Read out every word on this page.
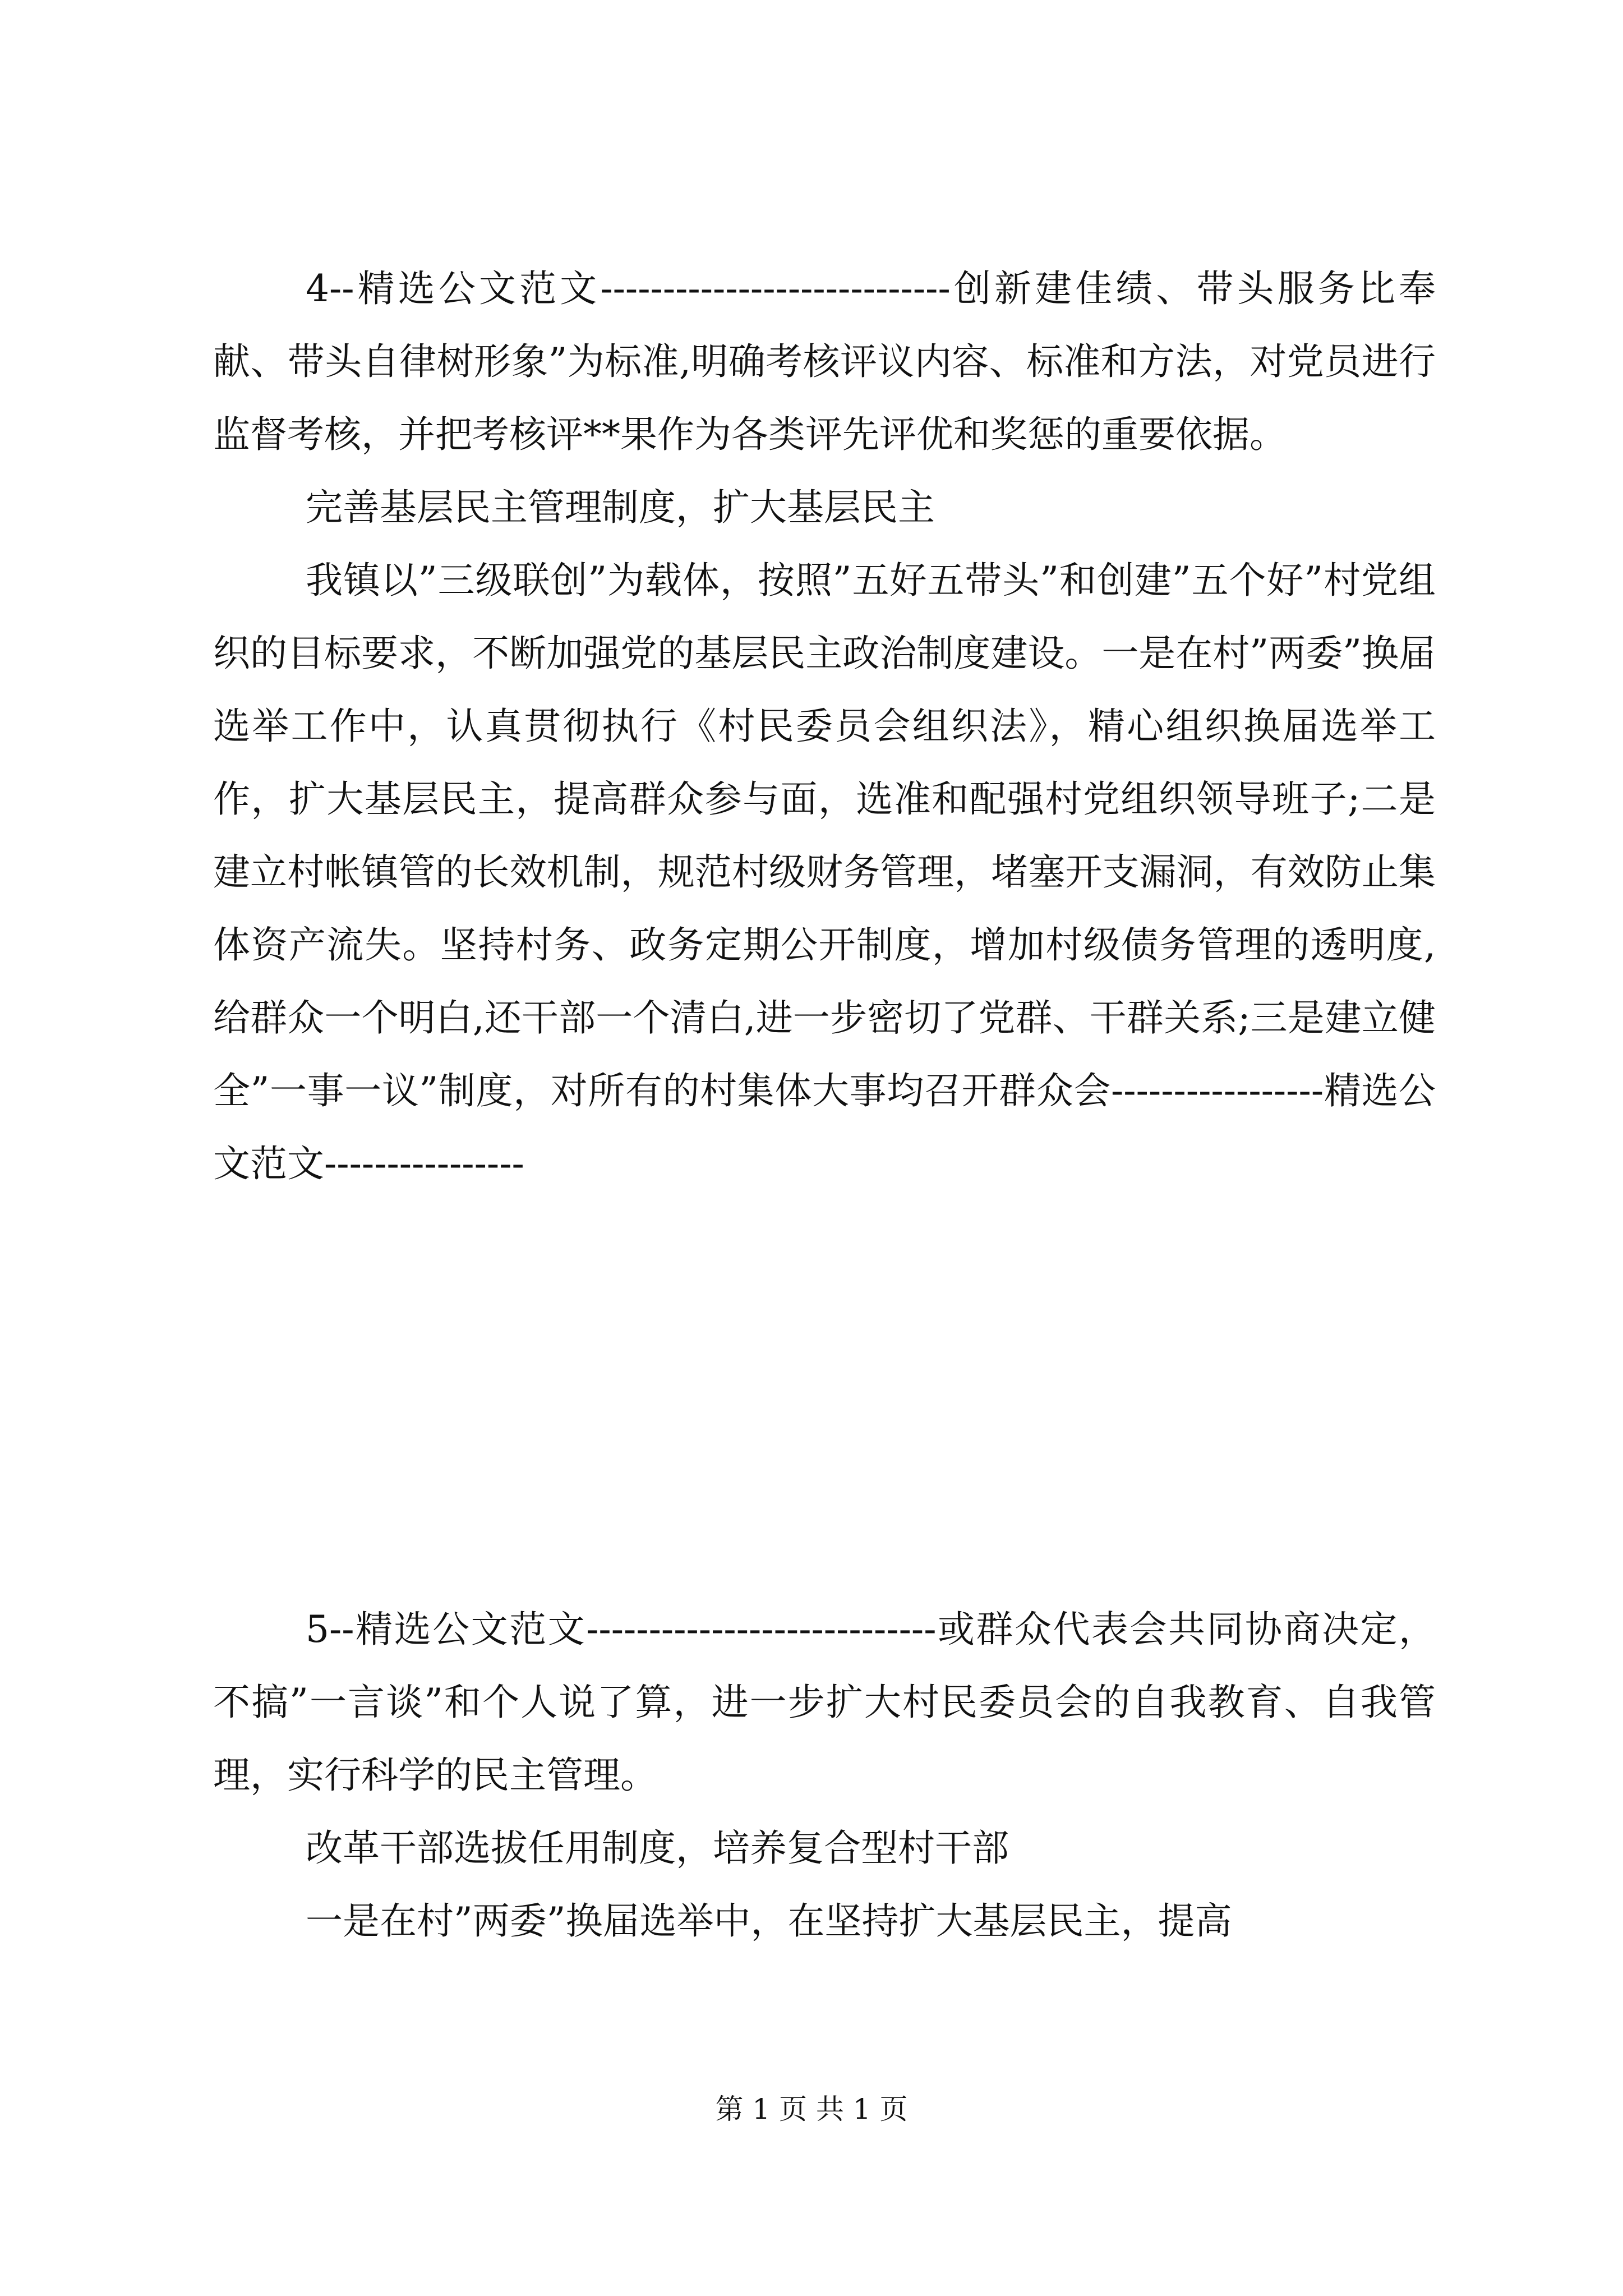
4--精选公文范文----------------------------创新建佳绩、带头服务比奉献、带头自律树形象”为标准,明确考核评议内容、标准和方法，对党员进行监督考核，并把考核评**果作为各类评先评优和奖惩的重要依据。

完善基层民主管理制度，扩大基层民主

我镇以”三级联创”为载体，按照”五好五带头”和创建”五个好”村党组织的目标要求，不断加强党的基层民主政治制度建设。一是在村”两委”换届选举工作中，认真贯彻执行《村民委员会组织法》，精心组织换届选举工作，扩大基层民主，提高群众参与面，选准和配强村党组织领导班子;二是建立村帐镇管的长效机制，规范村级财务管理，堵塞开支漏洞，有效防止集体资产流失。坚持村务、政务定期公开制度，增加村级债务管理的透明度,给群众一个明白,还干部一个清白,进一步密切了党群、干群关系;三是建立健全”一事一议”制度，对所有的村集体大事均召开群众会-----------------精选公文范文----------------

5--精选公文范文----------------------------或群众代表会共同协商决定，不搞”一言谈”和个人说了算，进一步扩大村民委员会的自我教育、自我管理，实行科学的民主管理。

改革干部选拔任用制度，培养复合型村干部

一是在村”两委”换届选举中，在坚持扩大基层民主，提高

第 1 页 共 1 页
